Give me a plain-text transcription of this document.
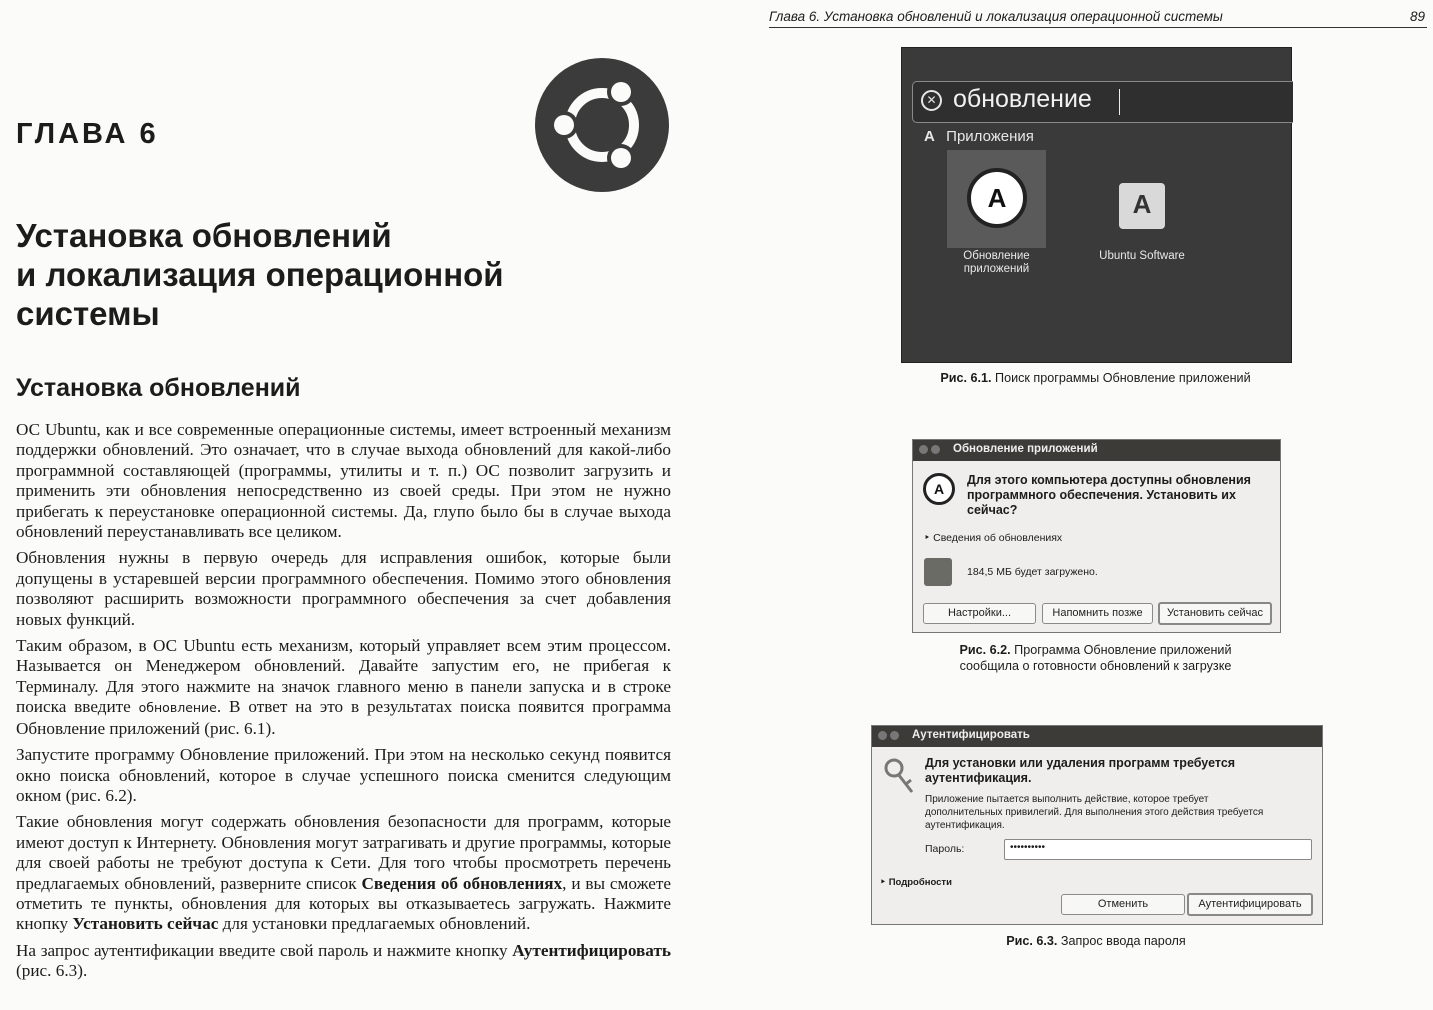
ГЛАВА 6
Установка обновлений
и локализация операционной
системы
Установка обновлений

ОС Ubuntu, как и все современные операционные системы, имеет встроенный механизм поддержки обновлений. Это означает, что в случае выхода обновлений для какой-либо программной составляющей (программы, утилиты и т. п.) ОС позволит загрузить и применить эти обновления непосредственно из своей среды. При этом не нужно прибегать к переустановке операционной системы. Да, глупо было бы в случае выхода обновлений переустанавливать все целиком.

Обновления нужны в первую очередь для исправления ошибок, которые были допущены в устаревшей версии программного обеспечения. Помимо этого обновления позволяют расширить возможности программного обеспечения за счет добавления новых функций.

Таким образом, в ОС Ubuntu есть механизм, который управляет всем этим процессом. Называется он Менеджером обновлений. Давайте запустим его, не прибегая к Терминалу. Для этого нажмите на значок главного меню в панели запуска и в строке поиска введите обновление. В ответ на это в результатах поиска появится программа Обновление приложений (рис. 6.1).

Запустите программу Обновление приложений. При этом на несколько секунд появится окно поиска обновлений, которое в случае успешного поиска сменится следующим окном (рис. 6.2).

Такие обновления могут содержать обновления безопасности для программ, которые имеют доступ к Интернету. Обновления могут затрагивать и другие программы, которые для своей работы не требуют доступа к Сети. Для того чтобы просмотреть перечень предлагаемых обновлений, разверните список Сведения об обновлениях, и вы сможете отметить те пункты, обновления для которых вы отказываетесь загружать. Нажмите кнопку Установить сейчас для установки предлагаемых обновлений.

На запрос аутентификации введите свой пароль и нажмите кнопку Аутентифицировать (рис. 6.3).

Глава 6. Установка обновлений и локализация операционной системы	89
✕ обновление
A Приложения
A
Обновление приложений
A
Ubuntu Software
Рис. 6.1. Поиск программы Обновление приложений
Обновление приложений
A
Для этого компьютера доступны обновления программного обеспечения. Установить их сейчас?
‣ Сведения об обновлениях
184,5 МБ будет загружено.
Настройки...	Напомнить позже	Установить сейчас
Рис. 6.2. Программа Обновление приложений
сообщила о готовности обновлений к загрузке
Аутентифицировать
Для установки или удаления программ требуется аутентификация.
Приложение пытается выполнить действие, которое требует дополнительных привилегий. Для выполнения этого действия требуется аутентификация.
Пароль:	••••••••••
‣ Подробности
Отменить	Аутентифицировать
Рис. 6.3. Запрос ввода пароля
